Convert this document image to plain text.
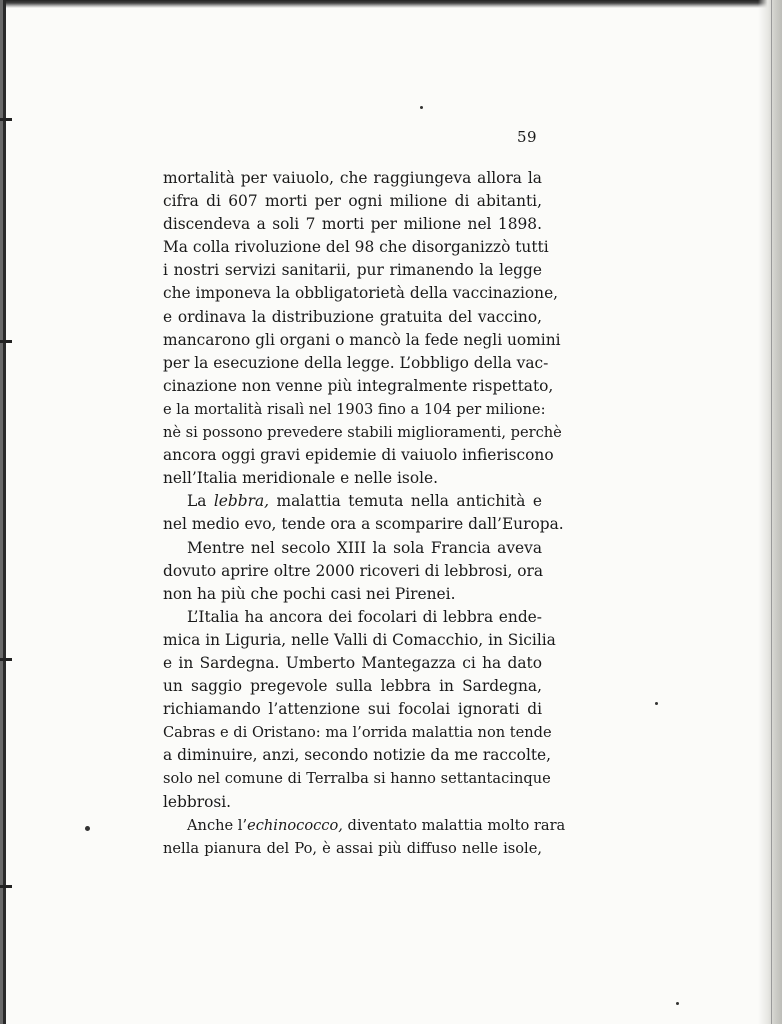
59
mortalità per vaiuolo, che raggiungeva allora la
cifra di 607 morti per ogni milione di abitanti,
discendeva a soli 7 morti per milione nel 1898.
Ma colla rivoluzione del 98 che disorganizzò tutti
i nostri servizi sanitarii, pur rimanendo la legge
che imponeva la obbligatorietà della vaccinazione,
e ordinava la distribuzione gratuita del vaccino,
mancarono gli organi o mancò la fede negli uomini
per la esecuzione della legge. L’obbligo della vac-
cinazione non venne più integralmente rispettato,
e la mortalità risalì nel 1903 fino a 104 per milione:
nè si possono prevedere stabili miglioramenti, perchè
ancora oggi gravi epidemie di vaiuolo infieriscono
nell’Italia meridionale e nelle isole.
La lebbra, malattia temuta nella antichità e
nel medio evo, tende ora a scomparire dall’Europa.
Mentre nel secolo XIII la sola Francia aveva
dovuto aprire oltre 2000 ricoveri di lebbrosi, ora
non ha più che pochi casi nei Pirenei.
L’Italia ha ancora dei focolari di lebbra ende-
mica in Liguria, nelle Valli di Comacchio, in Sicilia
e in Sardegna. Umberto Mantegazza ci ha dato
un saggio pregevole sulla lebbra in Sardegna,
richiamando l’attenzione sui focolai ignorati di
Cabras e di Oristano: ma l’orrida malattia non tende
a diminuire, anzi, secondo notizie da me raccolte,
solo nel comune di Terralba si hanno settantacinque
lebbrosi.
Anche l’echinococco, diventato malattia molto rara
nella pianura del Po, è assai più diffuso nelle isole,
